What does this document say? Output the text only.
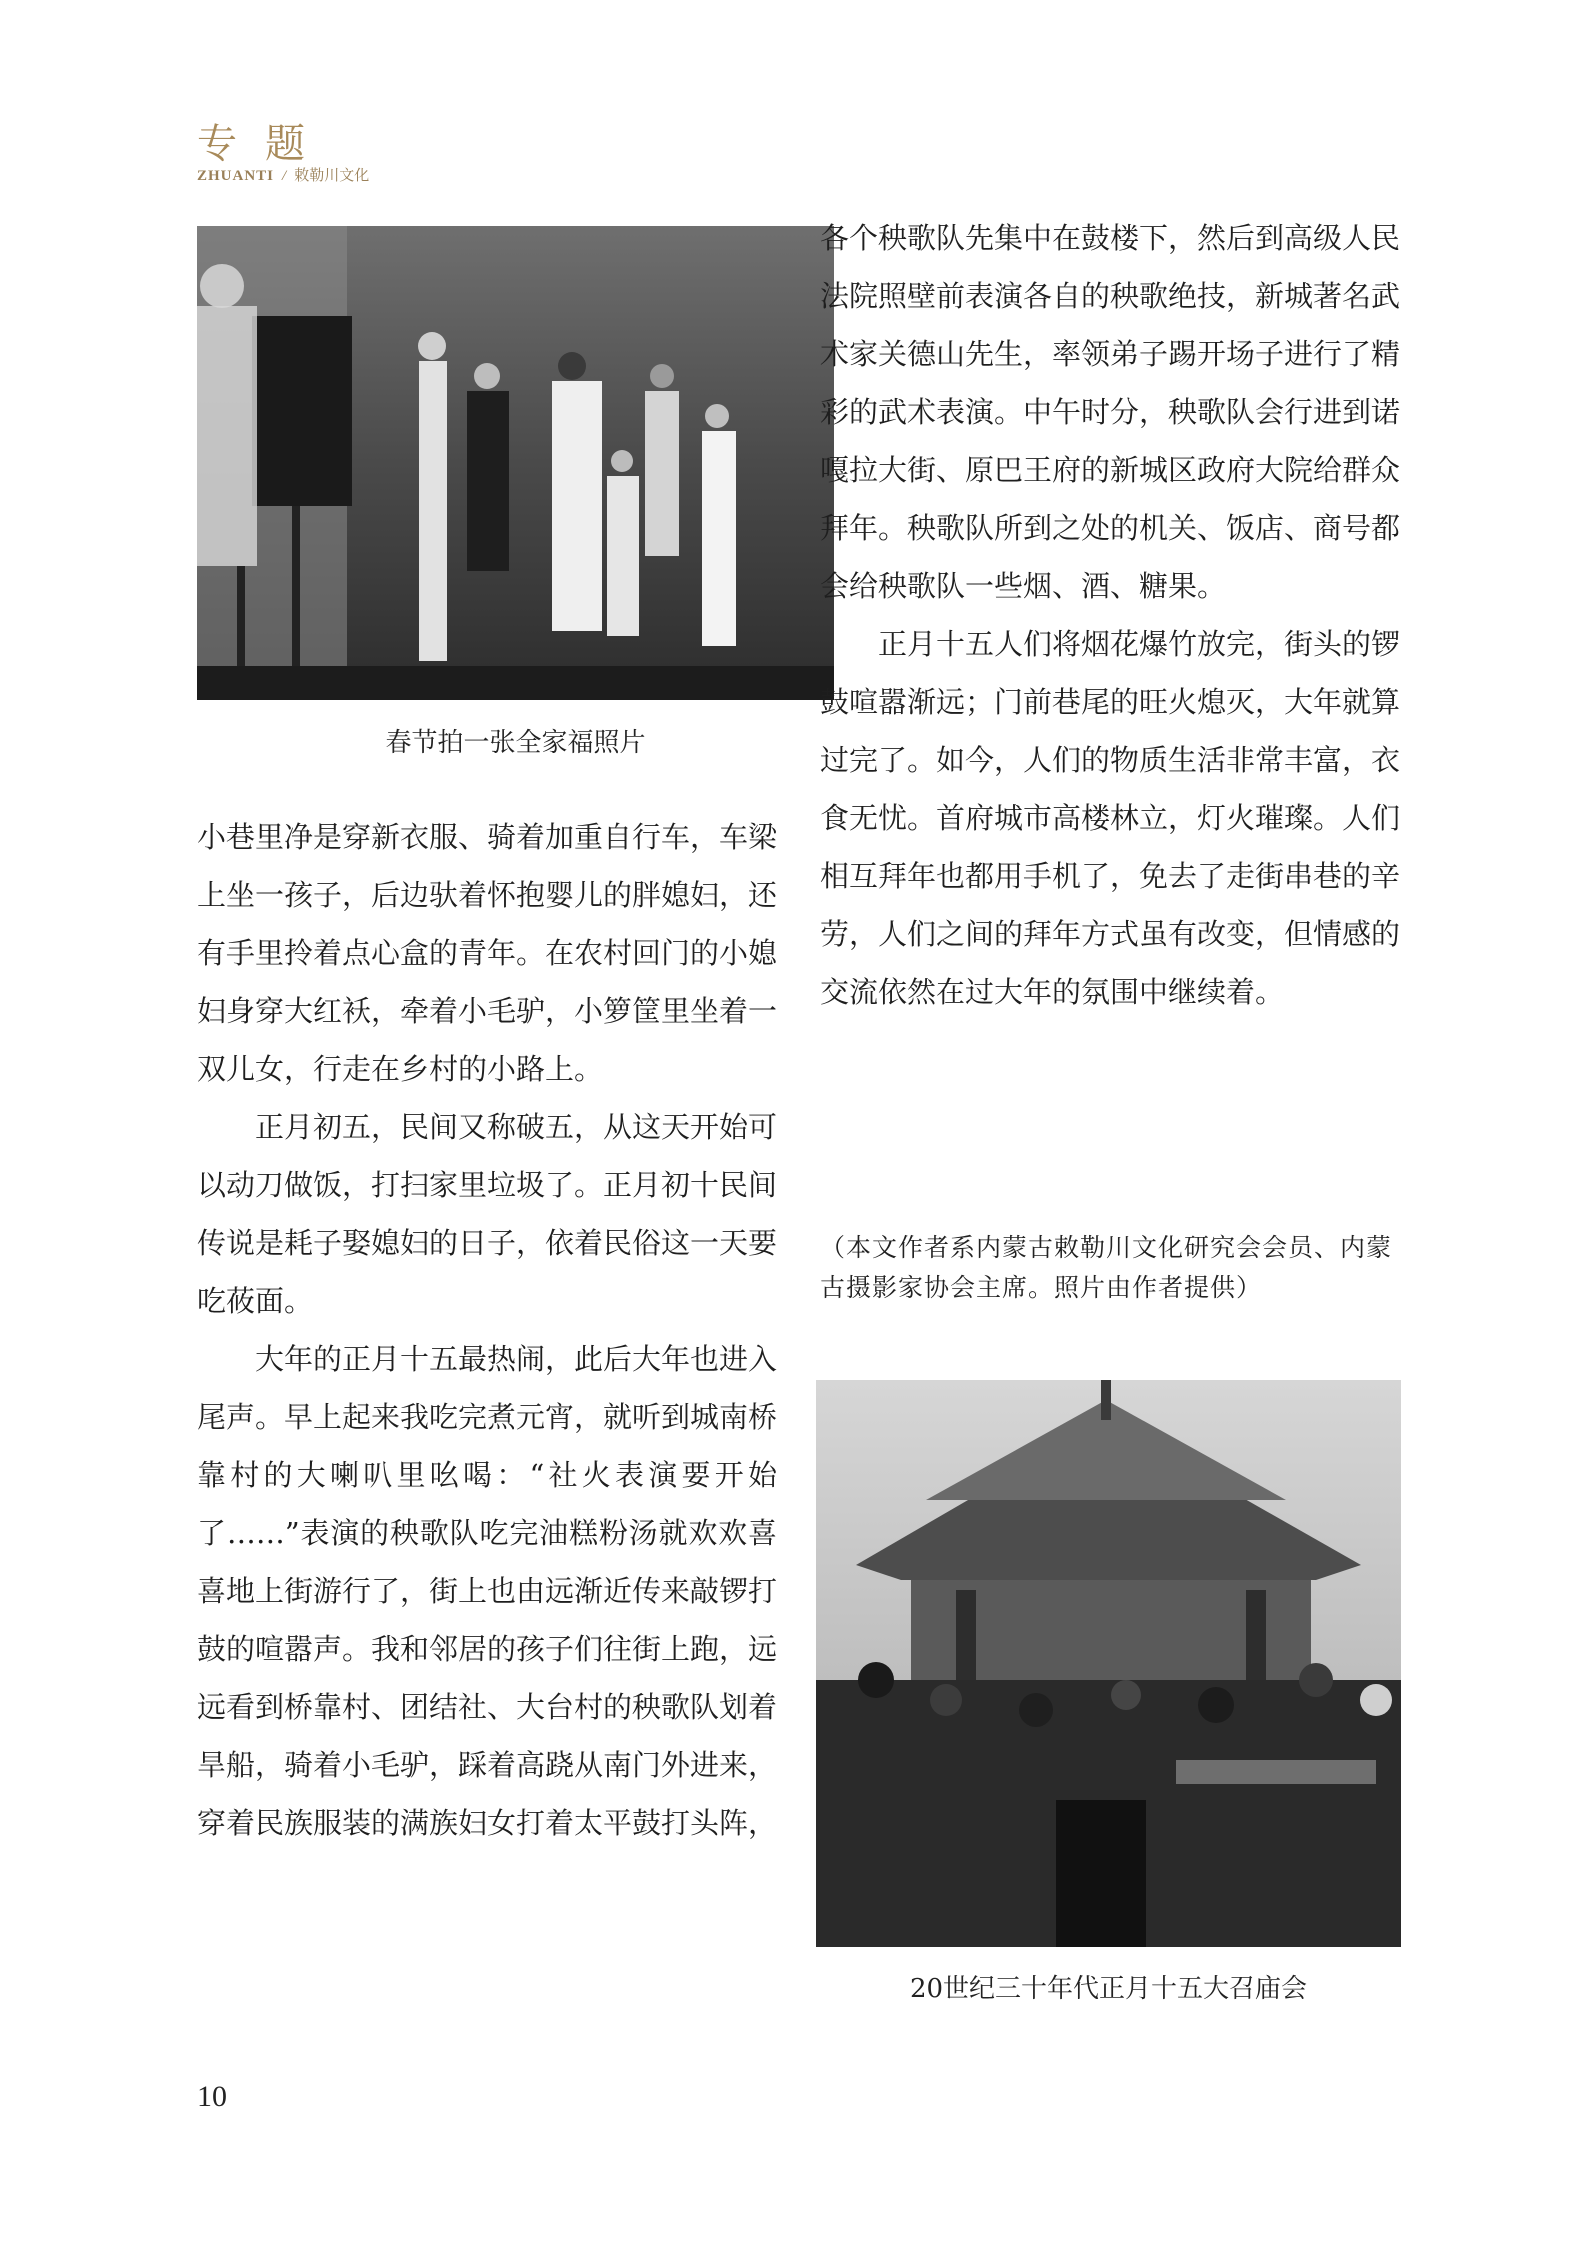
专题
ZHUANTI / 敕勒川文化
春节拍一张全家福照片

小巷里净是穿新衣服、骑着加重自行车，车梁上坐一孩子，后边驮着怀抱婴儿的胖媳妇，还有手里拎着点心盒的青年。在农村回门的小媳妇身穿大红袄，牵着小毛驴，小箩筐里坐着一双儿女，行走在乡村的小路上。

正月初五，民间又称破五，从这天开始可以动刀做饭，打扫家里垃圾了。正月初十民间传说是耗子娶媳妇的日子，依着民俗这一天要吃莜面。

大年的正月十五最热闹，此后大年也进入尾声。早上起来我吃完煮元宵，就听到城南桥靠村的大喇叭里吆喝：“社火表演要开始了……”表演的秧歌队吃完油糕粉汤就欢欢喜喜地上街游行了，街上也由远渐近传来敲锣打鼓的喧嚣声。我和邻居的孩子们往街上跑，远远看到桥靠村、团结社、大台村的秧歌队划着旱船，骑着小毛驴，踩着高跷从南门外进来，穿着民族服装的满族妇女打着太平鼓打头阵，

各个秧歌队先集中在鼓楼下，然后到高级人民法院照壁前表演各自的秧歌绝技，新城著名武术家关德山先生，率领弟子踢开场子进行了精彩的武术表演。中午时分，秧歌队会行进到诺嘎拉大街、原巴王府的新城区政府大院给群众拜年。秧歌队所到之处的机关、饭店、商号都会给秧歌队一些烟、酒、糖果。

正月十五人们将烟花爆竹放完，街头的锣鼓喧嚣渐远；门前巷尾的旺火熄灭，大年就算过完了。如今，人们的物质生活非常丰富，衣食无忧。首府城市高楼林立，灯火璀璨。人们相互拜年也都用手机了，免去了走街串巷的辛劳，人们之间的拜年方式虽有改变，但情感的交流依然在过大年的氛围中继续着。

（本文作者系内蒙古敕勒川文化研究会会员、内蒙古摄影家协会主席。照片由作者提供）
20世纪三十年代正月十五大召庙会
10
